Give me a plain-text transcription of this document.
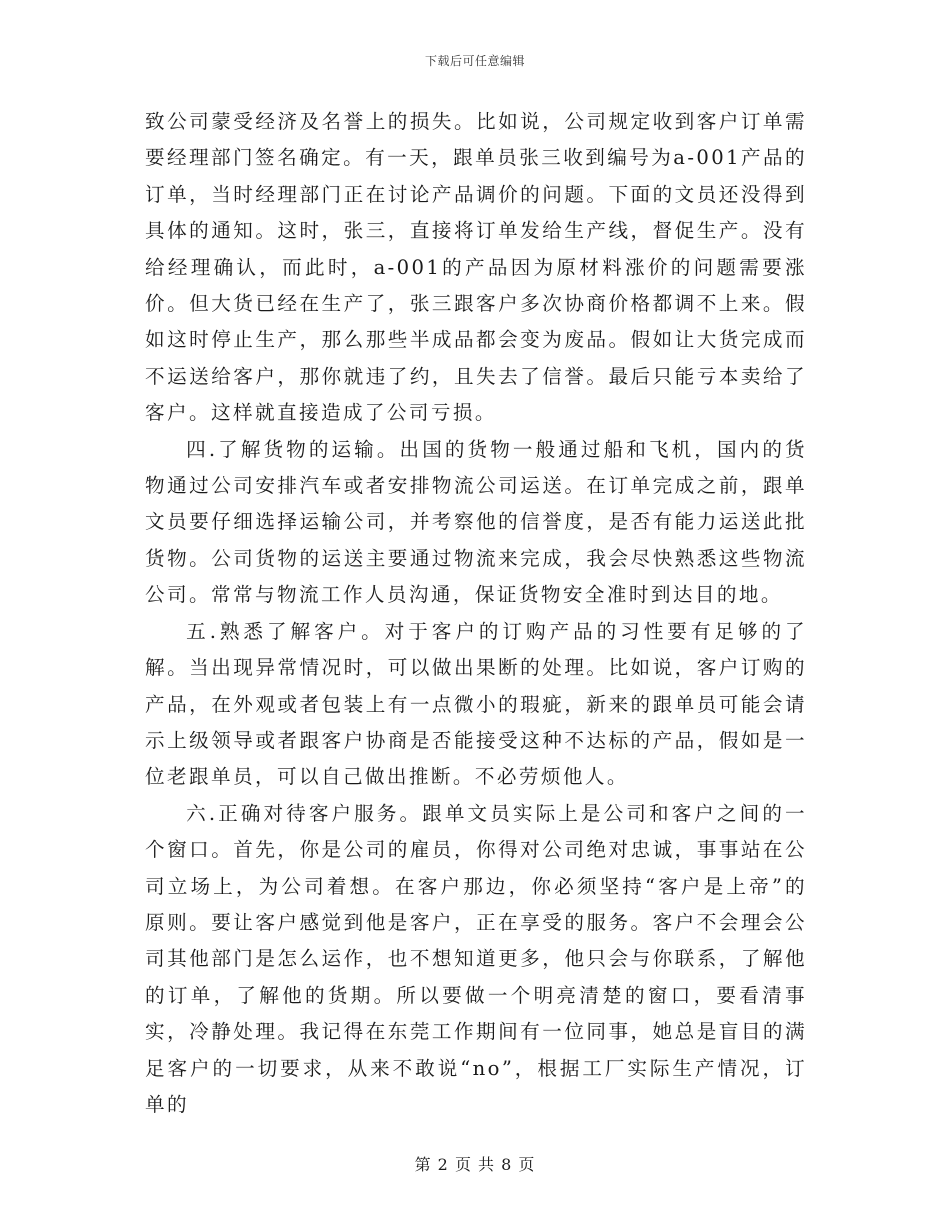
下载后可任意编辑

致公司蒙受经济及名誉上的损失。比如说，公司规定收到客户订单需要经理部门签名确定。有一天，跟单员张三收到编号为a-001产品的订单，当时经理部门正在讨论产品调价的问题。下面的文员还没得到具体的通知。这时，张三，直接将订单发给生产线，督促生产。没有给经理确认，而此时，a-001的产品因为原材料涨价的问题需要涨价。但大货已经在生产了，张三跟客户多次协商价格都调不上来。假如这时停止生产，那么那些半成品都会变为废品。假如让大货完成而不运送给客户，那你就违了约，且失去了信誉。最后只能亏本卖给了客户。这样就直接造成了公司亏损。

四.了解货物的运输。出国的货物一般通过船和飞机，国内的货物通过公司安排汽车或者安排物流公司运送。在订单完成之前，跟单文员要仔细选择运输公司，并考察他的信誉度，是否有能力运送此批货物。公司货物的运送主要通过物流来完成，我会尽快熟悉这些物流公司。常常与物流工作人员沟通，保证货物安全准时到达目的地。

五.熟悉了解客户。对于客户的订购产品的习性要有足够的了解。当出现异常情况时，可以做出果断的处理。比如说，客户订购的产品，在外观或者包装上有一点微小的瑕疵，新来的跟单员可能会请示上级领导或者跟客户协商是否能接受这种不达标的产品，假如是一位老跟单员，可以自己做出推断。不必劳烦他人。

六.正确对待客户服务。跟单文员实际上是公司和客户之间的一个窗口。首先，你是公司的雇员，你得对公司绝对忠诚，事事站在公司立场上，为公司着想。在客户那边，你必须坚持“客户是上帝”的原则。要让客户感觉到他是客户，正在享受的服务。客户不会理会公司其他部门是怎么运作，也不想知道更多，他只会与你联系，了解他的订单，了解他的货期。所以要做一个明亮清楚的窗口，要看清事实，冷静处理。我记得在东莞工作期间有一位同事，她总是盲目的满足客户的一切要求，从来不敢说“no”，根据工厂实际生产情况，订单的

第 2 页 共 8 页
